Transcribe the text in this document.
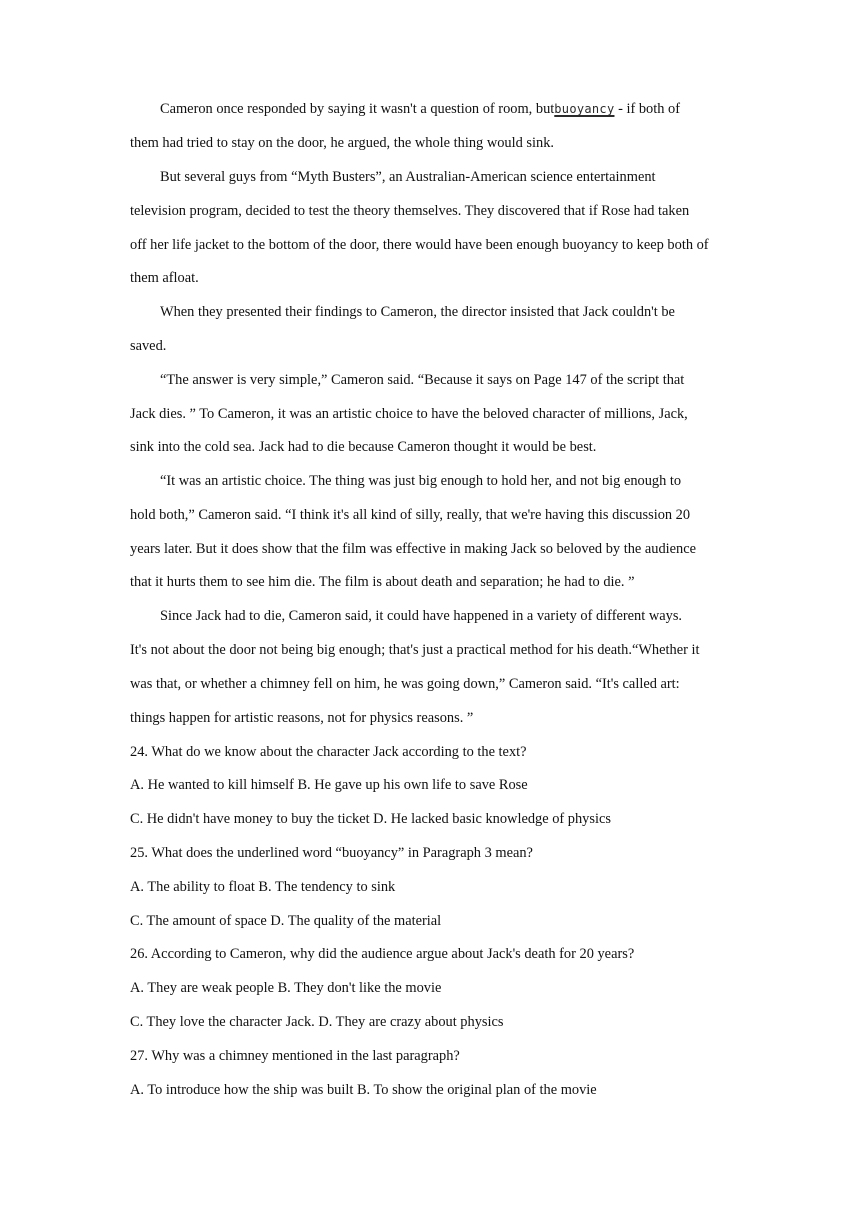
Cameron once responded by saying it wasn't a question of room, butbuoyancy - if both of
them had tried to stay on the door, he argued, the whole thing would sink.
But several guys from “Myth Busters”, an Australian-American science entertainment
television program, decided to test the theory themselves. They discovered that if Rose had taken
off her life jacket to the bottom of the door, there would have been enough buoyancy to keep both of
them afloat.
When they presented their findings to Cameron, the director insisted that Jack couldn't be
saved.
“The answer is very simple,” Cameron said. “Because it says on Page 147 of the script that
Jack dies. ” To Cameron, it was an artistic choice to have the beloved character of millions, Jack,
sink into the cold sea. Jack had to die because Cameron thought it would be best.
“It was an artistic choice. The thing was just big enough to hold her, and not big enough to
hold both,” Cameron said. “I think it's all kind of silly, really, that we're having this discussion 20
years later. But it does show that the film was effective in making Jack so beloved by the audience
that it hurts them to see him die. The film is about death and separation; he had to die. ”
Since Jack had to die, Cameron said, it could have happened in a variety of different ways.
It's not about the door not being big enough; that's just a practical method for his death.“Whether it
was that, or whether a chimney fell on him, he was going down,” Cameron said. “It's called art:
things happen for artistic reasons, not for physics reasons. ”
24. What do we know about the character Jack according to the text?
A. He wanted to kill himself B. He gave up his own life to save Rose
C. He didn't have money to buy the ticket D. He lacked basic knowledge of physics
25. What does the underlined word “buoyancy” in Paragraph 3 mean?
A. The ability to float B. The tendency to sink
C. The amount of space D. The quality of the material
26. According to Cameron, why did the audience argue about Jack's death for 20 years?
A. They are weak people B. They don't like the movie
C. They love the character Jack. D. They are crazy about physics
27. Why was a chimney mentioned in the last paragraph?
A. To introduce how the ship was built B. To show the original plan of the movie
